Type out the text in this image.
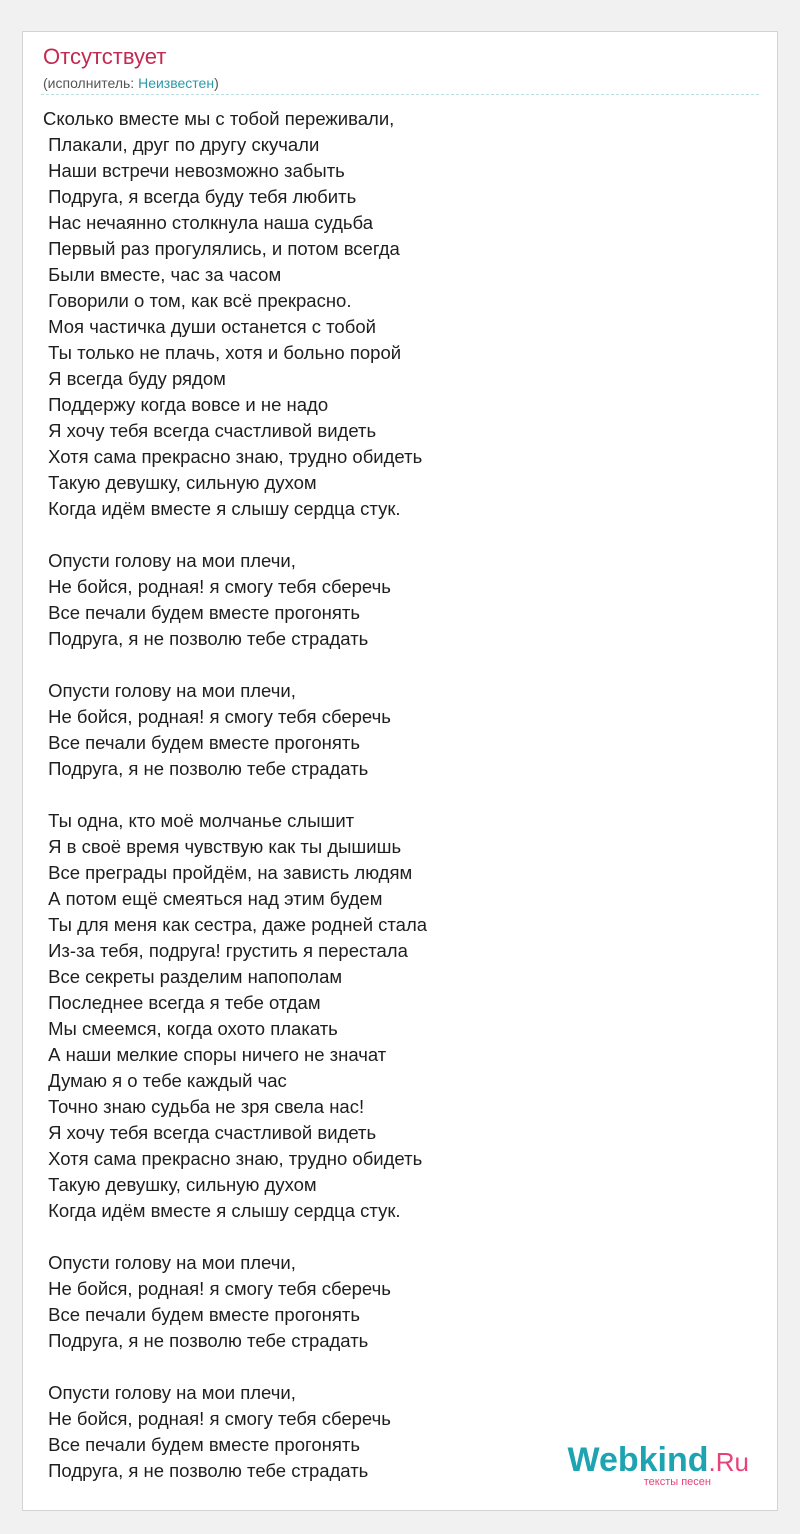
Отсутствует
(исполнитель: Неизвестен)
Сколько вместе мы с тобой переживали,
Плакали, друг по другу скучали
Наши встречи невозможно забыть
Подруга, я всегда буду тебя любить
Нас нечаянно столкнула наша судьба
Первый раз прогулялись, и потом всегда
Были вместе, час за часом
Говорили о том, как всё прекрасно.
Моя частичка души останется с тобой
Ты только не плачь, хотя и больно порой
Я всегда буду рядом
Поддержу когда вовсе и не надо
Я хочу тебя всегда счастливой видеть
Хотя сама прекрасно знаю, трудно обидеть
Такую девушку, сильную духом
Когда идём вместе я слышу сердца стук.

Опусти голову на мои плечи,
Не бойся, родная! я смогу тебя сберечь
Все печали будем вместе прогонять
Подруга, я не позволю тебе страдать

Опусти голову на мои плечи,
Не бойся, родная! я смогу тебя сберечь
Все печали будем вместе прогонять
Подруга, я не позволю тебе страдать

Ты одна, кто моё молчанье слышит
Я в своё время чувствую как ты дышишь
Все преграды пройдём, на зависть людям
А потом ещё смеяться над этим будем
Ты для меня как сестра, даже родней стала
Из-за тебя, подруга! грустить я перестала
Все секреты разделим напополам
Последнее всегда я тебе отдам
Мы смеемся, когда охото плакать
А наши мелкие споры ничего не значат
Думаю я о тебе каждый час
Точно знаю судьба не зря свела нас!
Я хочу тебя всегда счастливой видеть
Хотя сама прекрасно знаю, трудно обидеть
Такую девушку, сильную духом
Когда идём вместе я слышу сердца стук.

Опусти голову на мои плечи,
Не бойся, родная! я смогу тебя сберечь
Все печали будем вместе прогонять
Подруга, я не позволю тебе страдать

Опусти голову на мои плечи,
Не бойся, родная! я смогу тебя сберечь
Все печали будем вместе прогонять
Подруга, я не позволю тебе страдать	Webkind.Ru
тексты песен
